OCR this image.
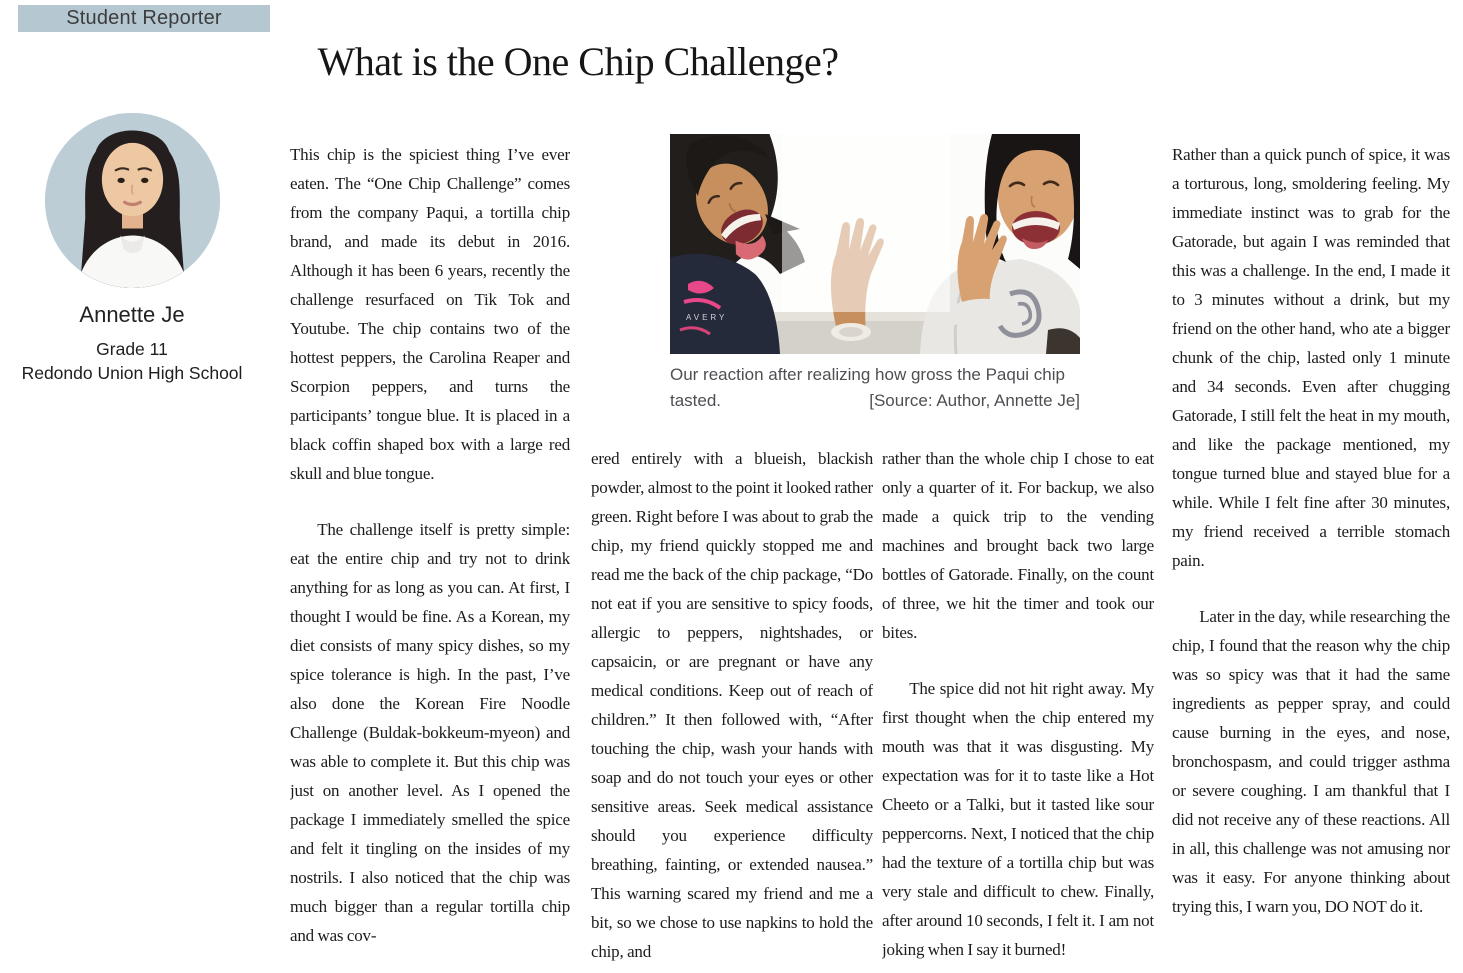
Student Reporter
What is the One Chip Challenge?
Annette Je
Grade 11
Redondo Union High School
AVERY
Our reaction after realizing how gross the Paqui chip
tasted.	[Source: Author, Annette Je]

This chip is the spiciest thing I’ve ever eaten. The “One Chip Challenge” comes from the company Paqui, a tortilla chip brand, and made its debut in 2016. Although it has been 6 years, recently the challenge resurfaced on Tik Tok and Youtube. The chip contains two of the hottest peppers, the Carolina Reaper and Scorpion peppers, and turns the participants’ tongue blue. It is placed in a black coffin shaped box with a large red skull and blue tongue.

The challenge itself is pretty simple: eat the entire chip and try not to drink anything for as long as you can. At first, I thought I would be fine. As a Korean, my diet consists of many spicy dishes, so my spice tolerance is high. In the past, I’ve also done the Korean Fire Noodle Challenge (Buldak-bokkeum-myeon) and was able to complete it. But this chip was just on another level. As I opened the package I immediately smelled the spice and felt it tingling on the insides of my nostrils. I also noticed that the chip was much bigger than a regular tortilla chip and was cov-

ered entirely with a blueish, blackish powder, almost to the point it looked rather green. Right before I was about to grab the chip, my friend quickly stopped me and read me the back of the chip package, “Do not eat if you are sensitive to spicy foods, allergic to peppers, nightshades, or capsaicin, or are pregnant or have any medical conditions. Keep out of reach of children.” It then followed with, “After touching the chip, wash your hands with soap and do not touch your eyes or other sensitive areas. Seek medical assistance should you experience difficulty breathing, fainting, or extended nausea.” This warning scared my friend and me a bit, so we chose to use napkins to hold the chip, and

rather than the whole chip I chose to eat only a quarter of it. For backup, we also made a quick trip to the vending machines and brought back two large bottles of Gatorade. Finally, on the count of three, we hit the timer and took our bites.

The spice did not hit right away. My first thought when the chip entered my mouth was that it was disgusting. My expectation was for it to taste like a Hot Cheeto or a Talki, but it tasted like sour peppercorns. Next, I noticed that the chip had the texture of a tortilla chip but was very stale and difficult to chew. Finally, after around 10 seconds, I felt it. I am not joking when I say it burned!

Rather than a quick punch of spice, it was a torturous, long, smoldering feeling. My immediate instinct was to grab for the Gatorade, but again I was reminded that this was a challenge. In the end, I made it to 3 minutes without a drink, but my friend on the other hand, who ate a bigger chunk of the chip, lasted only 1 minute and 34 seconds. Even after chugging Gatorade, I still felt the heat in my mouth, and like the package mentioned, my tongue turned blue and stayed blue for a while. While I felt fine after 30 minutes, my friend received a terrible stomach pain.

Later in the day, while researching the chip, I found that the reason why the chip was so spicy was that it had the same ingredients as pepper spray, and could cause burning in the eyes, and nose, bronchospasm, and could trigger asthma or severe coughing. I am thankful that I did not receive any of these reactions. All in all, this challenge was not amusing nor was it easy. For anyone thinking about trying this, I warn you, DO NOT do it.
